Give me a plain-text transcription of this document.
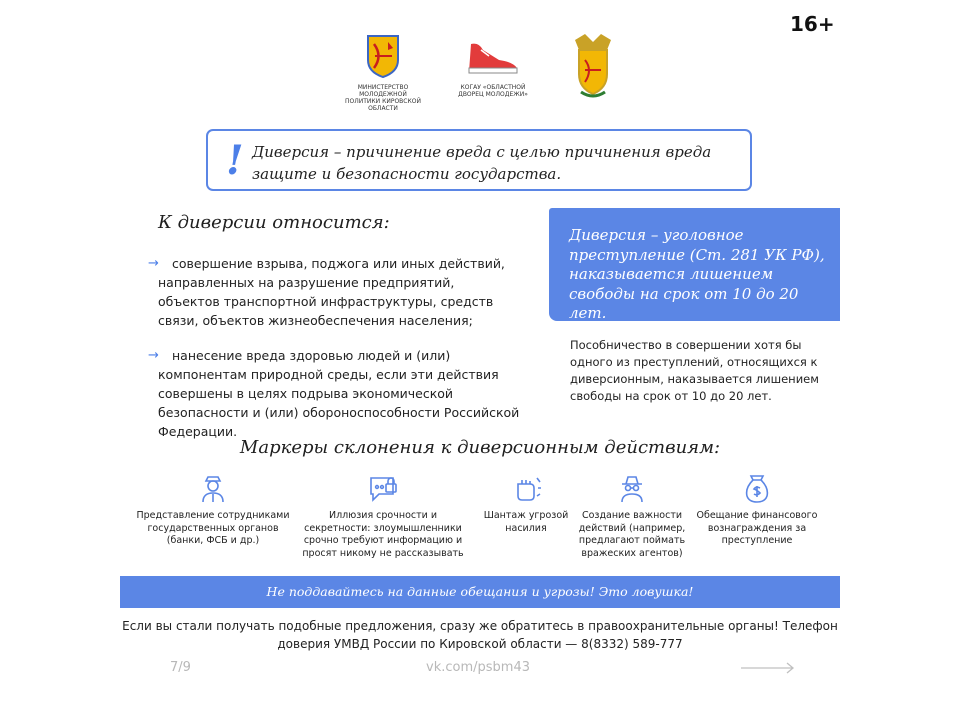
16+
МИНИСТЕРСТВО МОЛОДЕЖНОЙ ПОЛИТИКИ КИРОВСКОЙ ОБЛАСТИ
КОГАУ «ОБЛАСТНОЙ ДВОРЕЦ МОЛОДЕЖИ»
! Диверсия – причинение вреда с целью причинения вреда защите и безопасности государства.
К диверсии относится:
→	совершение взрыва, поджога или иных действий, направленных на разрушение предприятий, объектов транспортной инфраструктуры, средств связи, объектов жизнеобеспечения населения;
→	нанесение вреда здоровью людей и (или) компонентам природной среды, если эти действия совершены в целях подрыва экономической безопасности и (или) обороноспособности Российской Федерации.
Диверсия – уголовное преступление (Ст. 281 УК РФ), наказывается лишением свободы на срок от 10 до 20 лет.
Пособничество в совершении хотя бы одного из преступлений, относящихся к диверсионным, наказывается лишением свободы на срок от 10 до 20 лет.
Маркеры склонения к диверсионным действиям:
Представление сотрудниками государственных органов (банки, ФСБ и др.)
Иллюзия срочности и секретности: злоумышленники срочно требуют информацию и просят никому не рассказывать
Шантаж угрозой насилия
Создание важности действий (например, предлагают поймать вражеских агентов)
Обещание финансового вознаграждения за преступление
Не поддавайтесь на данные обещания и угрозы! Это ловушка!
Если вы стали получать подобные предложения, сразу же обратитесь в правоохранительные органы! Телефон доверия УМВД России по Кировской области — 8(8332) 589-777
7/9	vk.com/psbm43
